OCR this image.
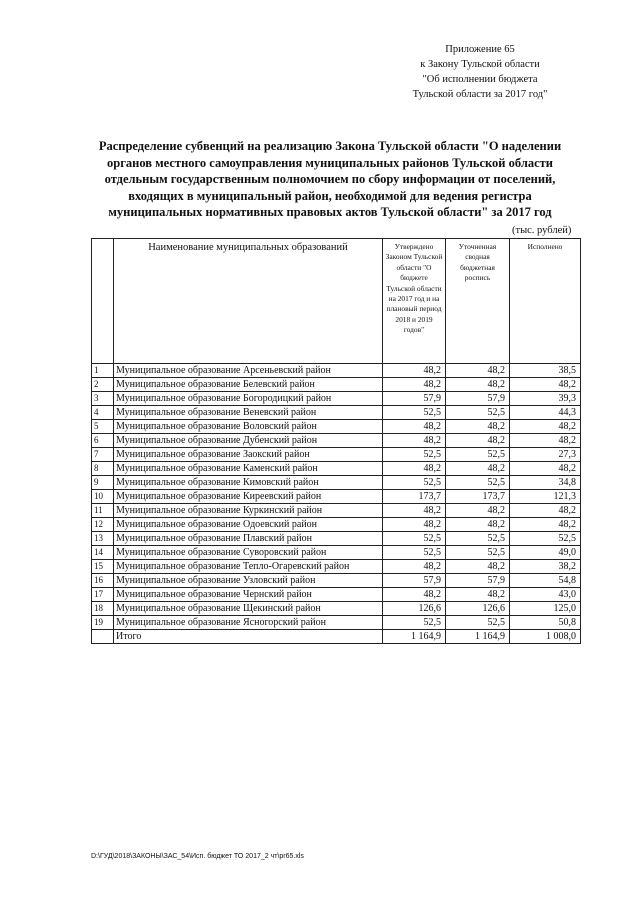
Приложение 65
к Закону Тульской области
"Об исполнении бюджета
Тульской области за 2017 год"
Распределение субвенций на реализацию Закона Тульской области "О наделении
органов местного самоуправления муниципальных районов Тульской области
отдельным государственным полномочием по сбору информации от поселений,
входящих в муниципальный район, необходимой для ведения регистра
муниципальных нормативных правовых актов Тульской области" за 2017 год
(тыс. рублей)
	Наименование муниципальных образований	Утверждено Законом Тульской области "О бюджете Тульской области на 2017 год и на плановый период 2018 и 2019 годов"	Уточненная сводная бюджетная роспись	Исполнено
1	Муниципальное образование Арсеньевский район	48,2	48,2	38,5
2	Муниципальное образование Белевский район	48,2	48,2	48,2
3	Муниципальное образование Богородицкий район	57,9	57,9	39,3
4	Муниципальное образование Веневский район	52,5	52,5	44,3
5	Муниципальное образование Воловский район	48,2	48,2	48,2
6	Муниципальное образование Дубенский район	48,2	48,2	48,2
7	Муниципальное образование Заокский район	52,5	52,5	27,3
8	Муниципальное образование Каменский район	48,2	48,2	48,2
9	Муниципальное образование Кимовский район	52,5	52,5	34,8
10	Муниципальное образование Киреевский район	173,7	173,7	121,3
11	Муниципальное образование Куркинский район	48,2	48,2	48,2
12	Муниципальное образование Одоевский район	48,2	48,2	48,2
13	Муниципальное образование Плавский район	52,5	52,5	52,5
14	Муниципальное образование Суворовский район	52,5	52,5	49,0
15	Муниципальное образование Тепло-Огаревский район	48,2	48,2	38,2
16	Муниципальное образование Узловский район	57,9	57,9	54,8
17	Муниципальное образование Чернский район	48,2	48,2	43,0
18	Муниципальное образование Щекинский район	126,6	126,6	125,0
19	Муниципальное образование Ясногорский район	52,5	52,5	50,8
	Итого	1 164,9	1 164,9	1 008,0
D:\ГУД\2018\ЗАКОНЫ\ЗАС_54\Исп. бюджет ТО 2017_2 чт\pr65.xls
